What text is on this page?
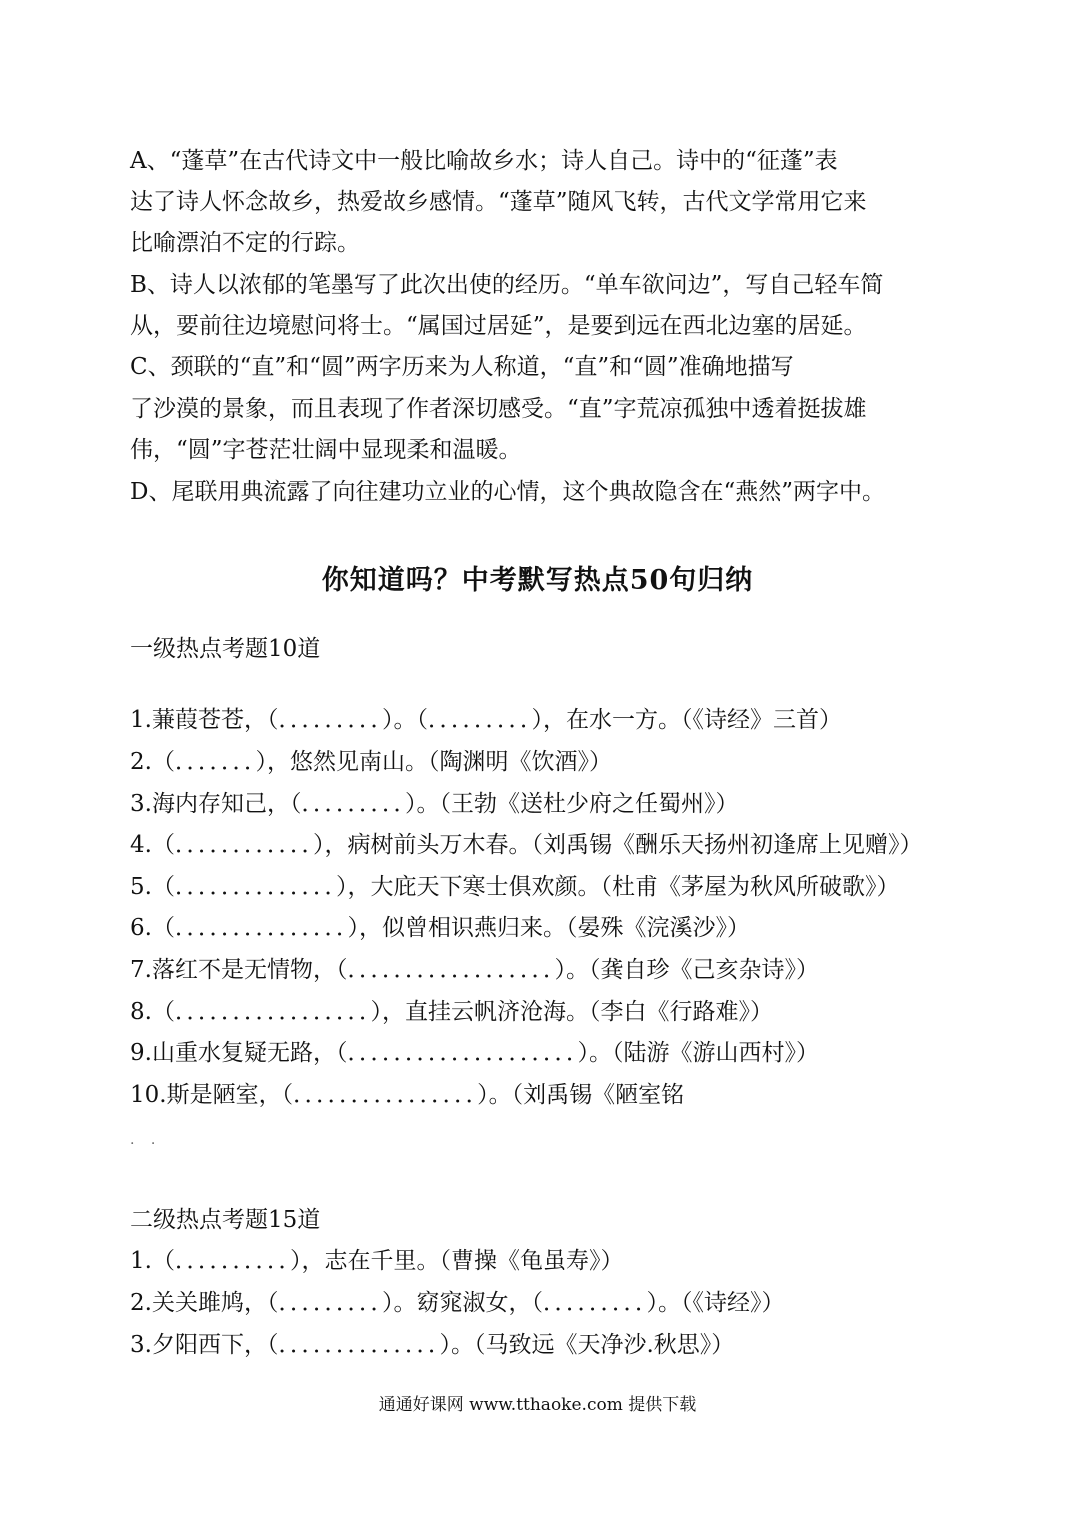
A、“蓬草”在古代诗文中一般比喻故乡水；诗人自己。诗中的“征蓬”表
达了诗人怀念故乡，热爱故乡感情。“蓬草”随风飞转，古代文学常用它来
比喻漂泊不定的行踪。
B、诗人以浓郁的笔墨写了此次出使的经历。“单车欲问边”，写自己轻车简
从，要前往边境慰问将士。“属国过居延”，是要到远在西北边塞的居延。
C、颈联的“直”和“圆”两字历来为人称道，“直”和“圆”准确地描写
了沙漠的景象，而且表现了作者深切感受。“直”字荒凉孤独中透着挺拔雄
伟，“圆”字苍茫壮阔中显现柔和温暖。
D、尾联用典流露了向往建功立业的心情，这个典故隐含在“燕然”两字中。
你知道吗？中考默写热点50句归纳
一级热点考题10道
1.蒹葭苍苍，（．．．．．．．．．）。（．．．．．．．．．），在水一方。（《诗经》三首）
2.（．．．．．．．），悠然见南山。（陶渊明《饮酒》）
3.海内存知己，（．．．．．．．．．）。（王勃《送杜少府之任蜀州》）
4.（．．．．．．．．．．．．），病树前头万木春。（刘禹锡《酬乐天扬州初逢席上见赠》）
5.（．．．．．．．．．．．．．．），大庇天下寒士俱欢颜。（杜甫《茅屋为秋风所破歌》）
6.（．．．．．．．．．．．．．．．），似曾相识燕归来。（晏殊《浣溪沙》）
7.落红不是无情物，（．．．．．．．．．．．．．．．．．．）。（龚自珍《己亥杂诗》）
8.（．．．．．．．．．．．．．．．．．），直挂云帆济沧海。（李白《行路难》）
9.山重水复疑无路，（．．．．．．．．．．．．．．．．．．．．）。（陆游《游山西村》）
10.斯是陋室，（．．．．．．．．．．．．．．．．）。（刘禹锡《陋室铭
. .
二级热点考题15道
1.（．．．．．．．．．．），志在千里。（曹操《龟虽寿》）
2.关关雎鸠，（．．．．．．．．．）。窈窕淑女，（．．．．．．．．．）。（《诗经》）
3.夕阳西下，（．．．．．．．．．．．．．．）。（马致远《天净沙.秋思》）
通通好课网 www.tthaoke.com 提供下载
